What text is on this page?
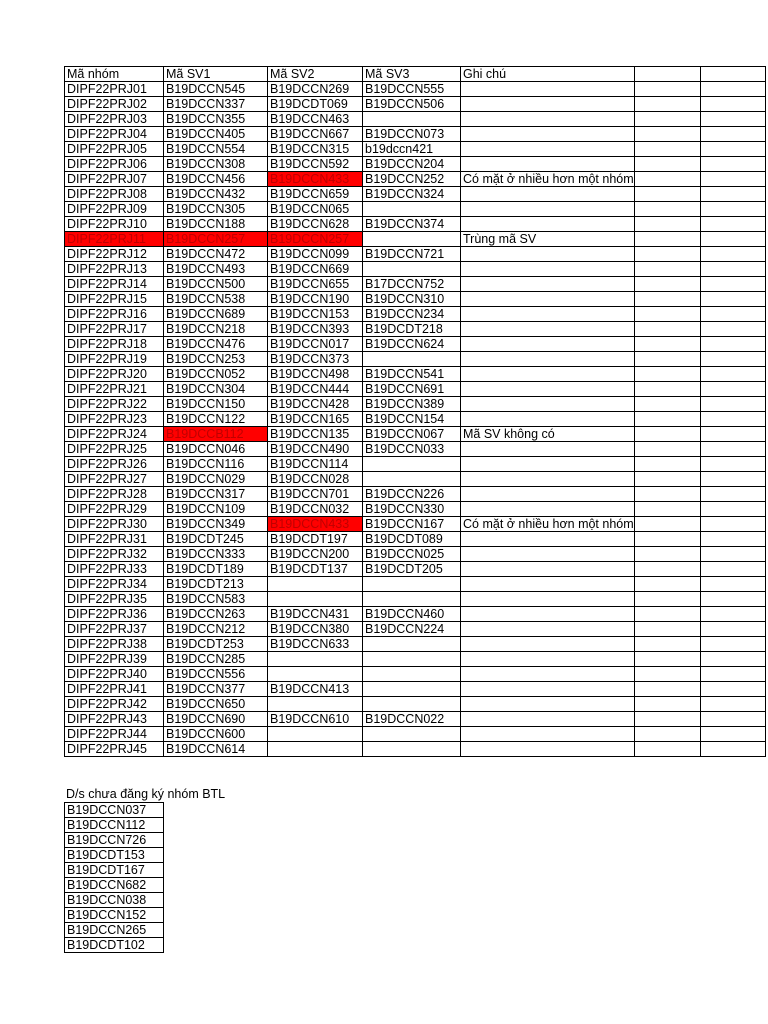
Mã nhóm	Mã SV1	Mã SV2	Mã SV3	Ghi chú		
DIPF22PRJ01	B19DCCN545	B19DCCN269	B19DCCN555			
DIPF22PRJ02	B19DCCN337	B19DCDT069	B19DCCN506			
DIPF22PRJ03	B19DCCN355	B19DCCN463				
DIPF22PRJ04	B19DCCN405	B19DCCN667	B19DCCN073			
DIPF22PRJ05	B19DCCN554	B19DCCN315	b19dccn421			
DIPF22PRJ06	B19DCCN308	B19DCCN592	B19DCCN204			
DIPF22PRJ07	B19DCCN456	B19DCCN433	B19DCCN252	Có mặt ở nhiều hơn một nhóm		
DIPF22PRJ08	B19DCCN432	B19DCCN659	B19DCCN324			
DIPF22PRJ09	B19DCCN305	B19DCCN065				
DIPF22PRJ10	B19DCCN188	B19DCCN628	B19DCCN374			
DIPF22PRJ11	B19DCCN257	B19DCCN257		Trùng mã SV		
DIPF22PRJ12	B19DCCN472	B19DCCN099	B19DCCN721			
DIPF22PRJ13	B19DCCN493	B19DCCN669				
DIPF22PRJ14	B19DCCN500	B19DCCN655	B17DCCN752			
DIPF22PRJ15	B19DCCN538	B19DCCN190	B19DCCN310			
DIPF22PRJ16	B19DCCN689	B19DCCN153	B19DCCN234			
DIPF22PRJ17	B19DCCN218	B19DCCN393	B19DCDT218			
DIPF22PRJ18	B19DCCN476	B19DCCN017	B19DCCN624			
DIPF22PRJ19	B19DCCN253	B19DCCN373				
DIPF22PRJ20	B19DCCN052	B19DCCN498	B19DCCN541			
DIPF22PRJ21	B19DCCN304	B19DCCN444	B19DCCN691			
DIPF22PRJ22	B19DCCN150	B19DCCN428	B19DCCN389			
DIPF22PRJ23	B19DCCN122	B19DCCN165	B19DCCN154			
DIPF22PRJ24	B19DCCB112	B19DCCN135	B19DCCN067	Mã SV không có		
DIPF22PRJ25	B19DCCN046	B19DCCN490	B19DCCN033			
DIPF22PRJ26	B19DCCN116	B19DCCN114				
DIPF22PRJ27	B19DCCN029	B19DCCN028				
DIPF22PRJ28	B19DCCN317	B19DCCN701	B19DCCN226			
DIPF22PRJ29	B19DCCN109	B19DCCN032	B19DCCN330			
DIPF22PRJ30	B19DCCN349	B19DCCN433	B19DCCN167	Có mặt ở nhiều hơn một nhóm		
DIPF22PRJ31	B19DCDT245	B19DCDT197	B19DCDT089			
DIPF22PRJ32	B19DCCN333	B19DCCN200	B19DCCN025			
DIPF22PRJ33	B19DCDT189	B19DCDT137	B19DCDT205			
DIPF22PRJ34	B19DCDT213					
DIPF22PRJ35	B19DCCN583					
DIPF22PRJ36	B19DCCN263	B19DCCN431	B19DCCN460			
DIPF22PRJ37	B19DCCN212	B19DCCN380	B19DCCN224			
DIPF22PRJ38	B19DCDT253	B19DCCN633				
DIPF22PRJ39	B19DCCN285					
DIPF22PRJ40	B19DCCN556					
DIPF22PRJ41	B19DCCN377	B19DCCN413				
DIPF22PRJ42	B19DCCN650					
DIPF22PRJ43	B19DCCN690	B19DCCN610	B19DCCN022			
DIPF22PRJ44	B19DCCN600					
DIPF22PRJ45	B19DCCN614					
D/s chưa đăng ký nhóm BTL
B19DCCN037
B19DCCN112
B19DCCN726
B19DCDT153
B19DCDT167
B19DCCN682
B19DCCN038
B19DCCN152
B19DCCN265
B19DCDT102
